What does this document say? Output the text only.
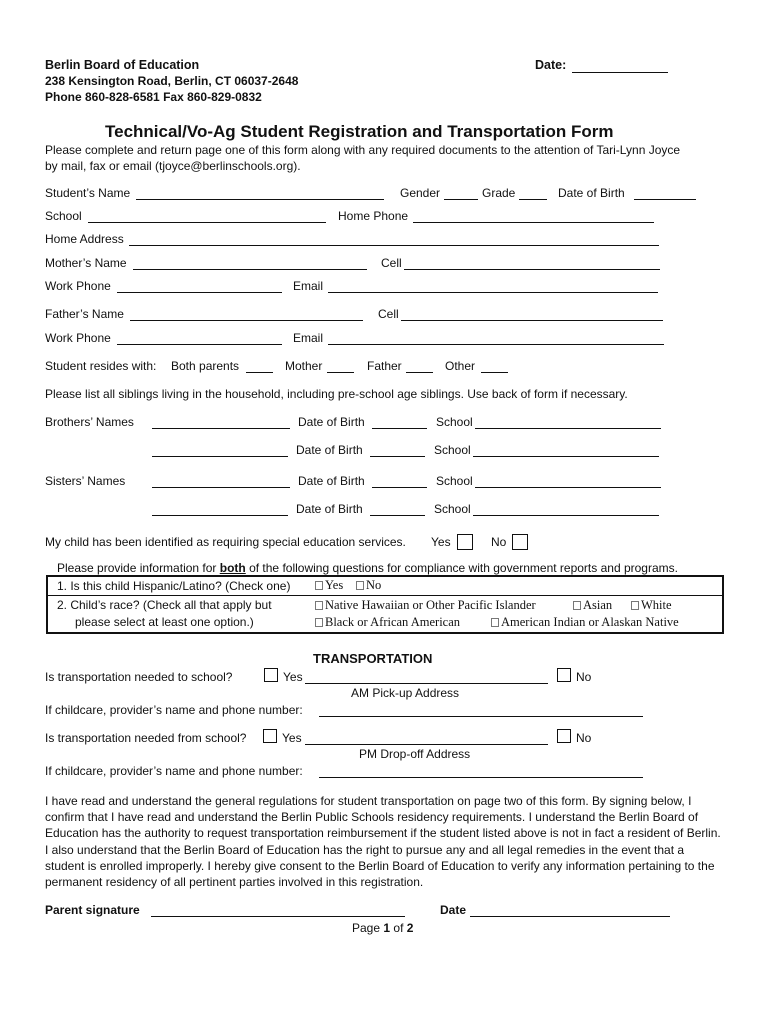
Berlin Board of Education
238 Kensington Road, Berlin, CT 06037-2648
Phone 860-828-6581 Fax 860-829-0832
Date:
Technical/Vo-Ag Student Registration and Transportation Form
Please complete and return page one of this form along with any required documents to the attention of Tari-Lynn Joyce
by mail, fax or email (tjoyce@berlinschools.org).
Student’s Name	Gender	Grade	Date of Birth
School	Home Phone
Home Address
Mother’s Name	Cell
Work Phone	Email
Father’s Name	Cell
Work Phone	Email
Student resides with: Both parents	Mother	Father	Other
Please list all siblings living in the household, including pre-school age siblings. Use back of form if necessary.
Brothers’ Names	Date of Birth	School
Date of Birth	School
Sisters’ Names	Date of Birth	School
Date of Birth	School
My child has been identified as requiring special education services. Yes	No
Please provide information for both of the following questions for compliance with government reports and programs.
1. Is this child Hispanic/Latino? (Check one)	Yes	No
2. Child’s race? (Check all that apply but
please select at least one option.)
Native Hawaiian or Other Pacific Islander	Asian	White
Black or African American	American Indian or Alaskan Native
TRANSPORTATION
Is transportation needed to school?	Yes	No
AM Pick-up Address
If childcare, provider’s name and phone number:
Is transportation needed from school?	Yes	No
PM Drop-off Address
If childcare, provider’s name and phone number:
I have read and understand the general regulations for student transportation on page two of this form. By signing below, I confirm that I have read and understand the Berlin Public Schools residency requirements. I understand the Berlin Board of Education has the authority to request transportation reimbursement if the student listed above is not in fact a resident of Berlin. I also understand that the Berlin Board of Education has the right to pursue any and all legal remedies in the event that a student is enrolled improperly. I hereby give consent to the Berlin Board of Education to verify any information pertaining to the permanent residency of all pertinent parties involved in this registration.
Parent signature	Date
Page 1 of 2
